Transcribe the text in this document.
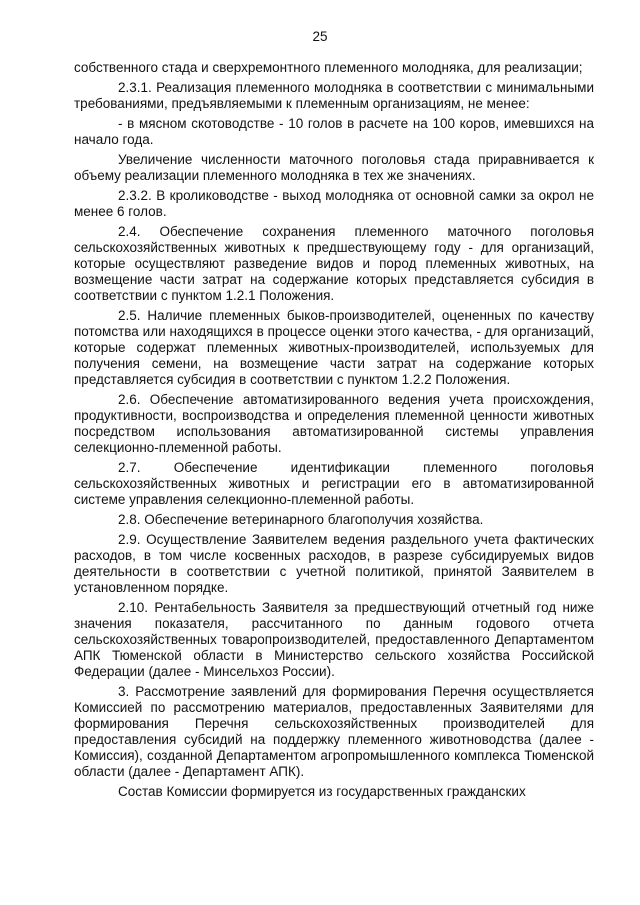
25

собственного стада и сверхремонтного племенного молодняка, для реализации;

2.3.1. Реализация племенного молодняка в соответствии с минимальными требованиями, предъявляемыми к племенным организациям, не менее:

- в мясном скотоводстве - 10 голов в расчете на 100 коров, имевшихся на начало года.

Увеличение численности маточного поголовья стада приравнивается к объему реализации племенного молодняка в тех же значениях.

2.3.2. В кролиководстве - выход молодняка от основной самки за окрол не менее 6 голов.

2.4. Обеспечение сохранения племенного маточного поголовья сельскохозяйственных животных к предшествующему году - для организаций, которые осуществляют разведение видов и пород племенных животных, на возмещение части затрат на содержание которых представляется субсидия в соответствии с пунктом 1.2.1 Положения.

2.5. Наличие племенных быков-производителей, оцененных по качеству потомства или находящихся в процессе оценки этого качества, - для организаций, которые содержат племенных животных-производителей, используемых для получения семени, на возмещение части затрат на содержание которых представляется субсидия в соответствии с пунктом 1.2.2 Положения.

2.6. Обеспечение автоматизированного ведения учета происхождения, продуктивности, воспроизводства и определения племенной ценности животных посредством использования автоматизированной системы управления селекционно-племенной работы.

2.7. Обеспечение идентификации племенного поголовья сельскохозяйственных животных и регистрации его в автоматизированной системе управления селекционно-племенной работы.

2.8. Обеспечение ветеринарного благополучия хозяйства.

2.9. Осуществление Заявителем ведения раздельного учета фактических расходов, в том числе косвенных расходов, в разрезе субсидируемых видов деятельности в соответствии с учетной политикой, принятой Заявителем в установленном порядке.

2.10. Рентабельность Заявителя за предшествующий отчетный год ниже значения показателя, рассчитанного по данным годового отчета сельскохозяйственных товаропроизводителей, предоставленного Департаментом АПК Тюменской области в Министерство сельского хозяйства Российской Федерации (далее - Минсельхоз России).

3. Рассмотрение заявлений для формирования Перечня осуществляется Комиссией по рассмотрению материалов, предоставленных Заявителями для формирования Перечня сельскохозяйственных производителей для предоставления субсидий на поддержку племенного животноводства (далее - Комиссия), созданной Департаментом агропромышленного комплекса Тюменской области (далее - Департамент АПК).

Состав Комиссии формируется из государственных гражданских
